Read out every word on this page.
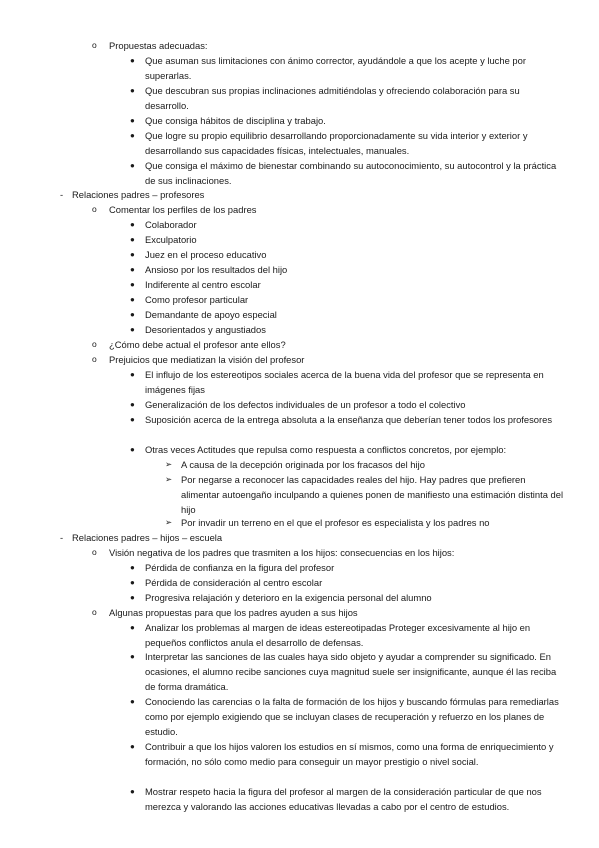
o Propuestas adecuadas:
● Que asuman sus limitaciones con ánimo corrector, ayudándole a que los acepte y luche por superarlas.
● Que descubran sus propias inclinaciones admitiéndolas y ofreciendo colaboración para su desarrollo.
● Que consiga hábitos de disciplina y trabajo.
● Que logre su propio equilibrio desarrollando proporcionadamente su vida interior y exterior y desarrollando sus capacidades físicas, intelectuales, manuales.
● Que consiga el máximo de bienestar combinando su autoconocimiento, su autocontrol y la práctica de sus inclinaciones.
- Relaciones padres – profesores
o Comentar los perfiles de los padres
● Colaborador
● Exculpatorio
● Juez en el proceso educativo
● Ansioso por los resultados del hijo
● Indiferente al centro escolar
● Como profesor particular
● Demandante de apoyo especial
● Desorientados y angustiados
o ¿Cómo debe actual el profesor ante ellos?
o Prejuicios que mediatizan la visión del profesor
● El influjo de los estereotipos sociales acerca de la buena vida del profesor que se representa en imágenes fijas
● Generalización de los defectos individuales de un profesor a todo el colectivo
● Suposición acerca de la entrega absoluta a la enseñanza que deberían tener todos los profesores
● Otras veces Actitudes que repulsa como respuesta a conflictos concretos, por ejemplo:
➢ A causa de la decepción originada por los fracasos del hijo
➢ Por negarse a reconocer las capacidades reales del hijo. Hay padres que prefieren alimentar autoengaño inculpando a quienes ponen de manifiesto una estimación distinta del hijo
➢ Por invadir un terreno en el que el profesor es especialista y los padres no
- Relaciones padres – hijos – escuela
o Visión negativa de los padres que trasmiten a los hijos: consecuencias en los hijos:
● Pérdida de confianza en la figura del profesor
● Pérdida de consideración al centro escolar
● Progresiva relajación y deterioro en la exigencia personal del alumno
o Algunas propuestas para que los padres ayuden a sus hijos
● Analizar los problemas al margen de ideas estereotipadas Proteger excesivamente al hijo en pequeños conflictos anula el desarrollo de defensas.
● Interpretar las sanciones de las cuales haya sido objeto y ayudar a comprender su significado. En ocasiones, el alumno recibe sanciones cuya magnitud suele ser insignificante, aunque él las reciba de forma dramática.
● Conociendo las carencias o la falta de formación de los hijos y buscando fórmulas para remediarlas como por ejemplo exigiendo que se incluyan clases de recuperación y refuerzo en los planes de estudio.
● Contribuir a que los hijos valoren los estudios en sí mismos, como una forma de enriquecimiento y formación, no sólo como medio para conseguir un mayor prestigio o nivel social.
● Mostrar respeto hacia la figura del profesor al margen de la consideración particular de que nos merezca y valorando las acciones educativas llevadas a cabo por el centro de estudios.
